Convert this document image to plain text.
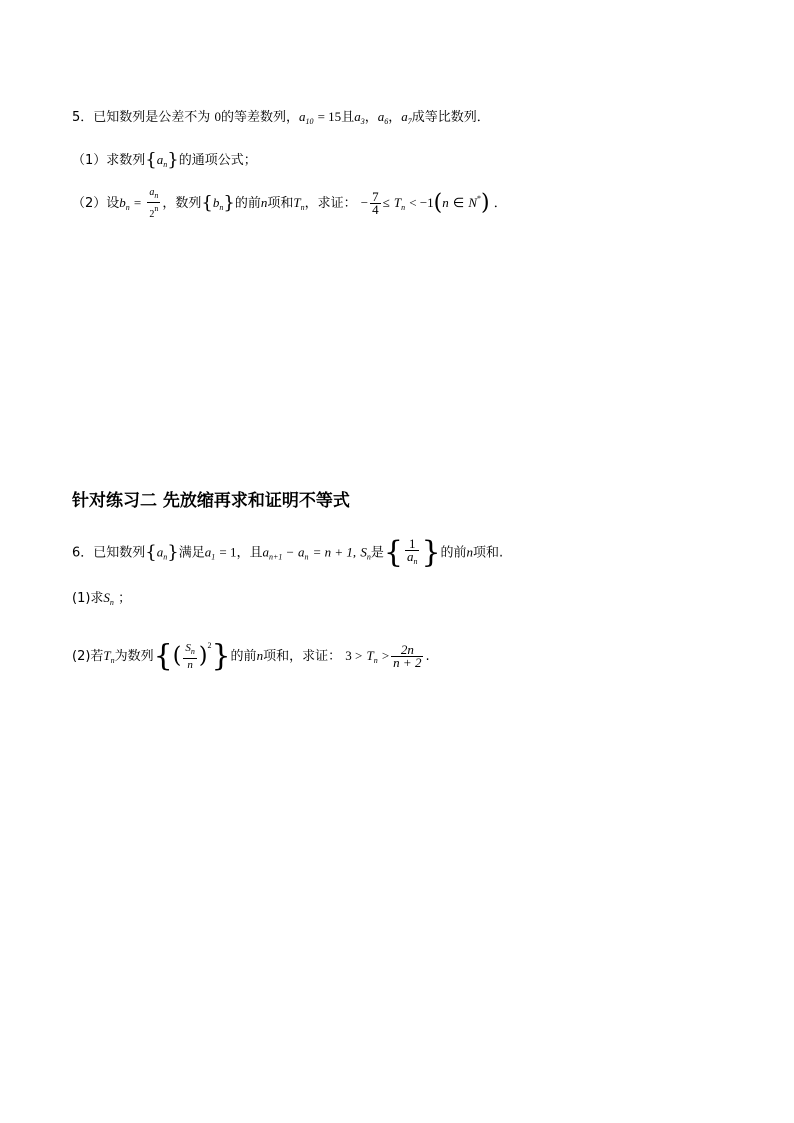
5．已知数列是公差不为 0的等差数列，$a_{10} = 15$且$a_3$，$a_6$，$a_7$成等比数列．
（1）求数列$\{a_n\}$的通项公式；
（2）设$b_n = \frac{a_n}{2^n}$ ，数列$\{b_n\}$的前n项和$T_n$，求证： − $\frac{7}{4} \le T_n < -1(n$ ∈ N*) ．
针对练习二 先放缩再求和证明不等式
6．已知数列$\{a_n\}$满足$a_1 = 1$，且$a_{n+1} - a_n = n + 1$, $S_n$是{ $\frac{1}{a_n}$ }的前n项和.
(1)求$S_n$ ；
(2)若$T_n$为数列{( $\frac{S_n}{n} )^2$}的前n项和，求证： $3 > T_n > \frac{2n}{n + 2}$ .
